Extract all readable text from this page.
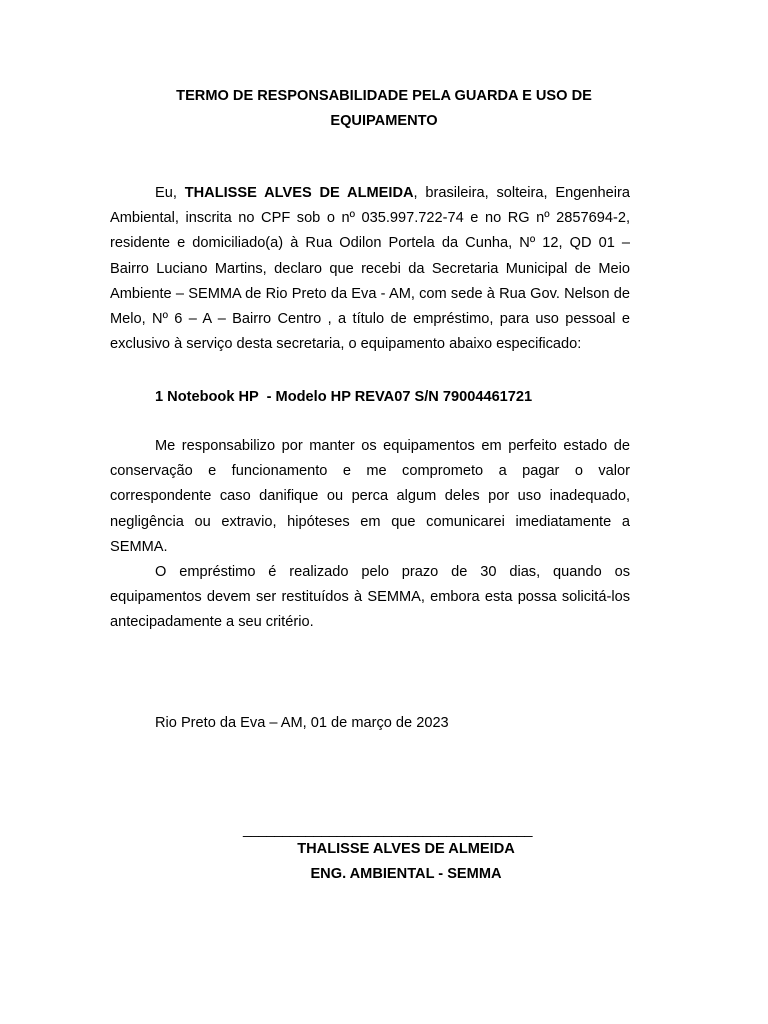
TERMO DE RESPONSABILIDADE PELA GUARDA E USO DE
EQUIPAMENTO
Eu, THALISSE ALVES DE ALMEIDA, brasileira, solteira, Engenheira Ambiental, inscrita no CPF sob o nº 035.997.722-74 e no RG nº 2857694-2, residente e domiciliado(a) à Rua Odilon Portela da Cunha, Nº 12, QD 01 – Bairro Luciano Martins, declaro que recebi da Secretaria Municipal de Meio Ambiente – SEMMA de Rio Preto da Eva - AM, com sede à Rua Gov. Nelson de Melo, Nº 6 – A – Bairro Centro , a título de empréstimo, para uso pessoal e exclusivo à serviço desta secretaria, o equipamento abaixo especificado:
1 Notebook HP  - Modelo HP REVA07 S/N 79004461721
Me responsabilizo por manter os equipamentos em perfeito estado de conservação e funcionamento e me comprometo a pagar o valor correspondente caso danifique ou perca algum deles por uso inadequado, negligência ou extravio, hipóteses em que comunicarei imediatamente a SEMMA.
O empréstimo é realizado pelo prazo de 30 dias, quando os equipamentos devem ser restituídos à SEMMA, embora esta possa solicitá-los antecipadamente a seu critério.
Rio Preto da Eva – AM, 01 de março de 2023
_____________________________________
THALISSE ALVES DE ALMEIDA
ENG. AMBIENTAL - SEMMA
